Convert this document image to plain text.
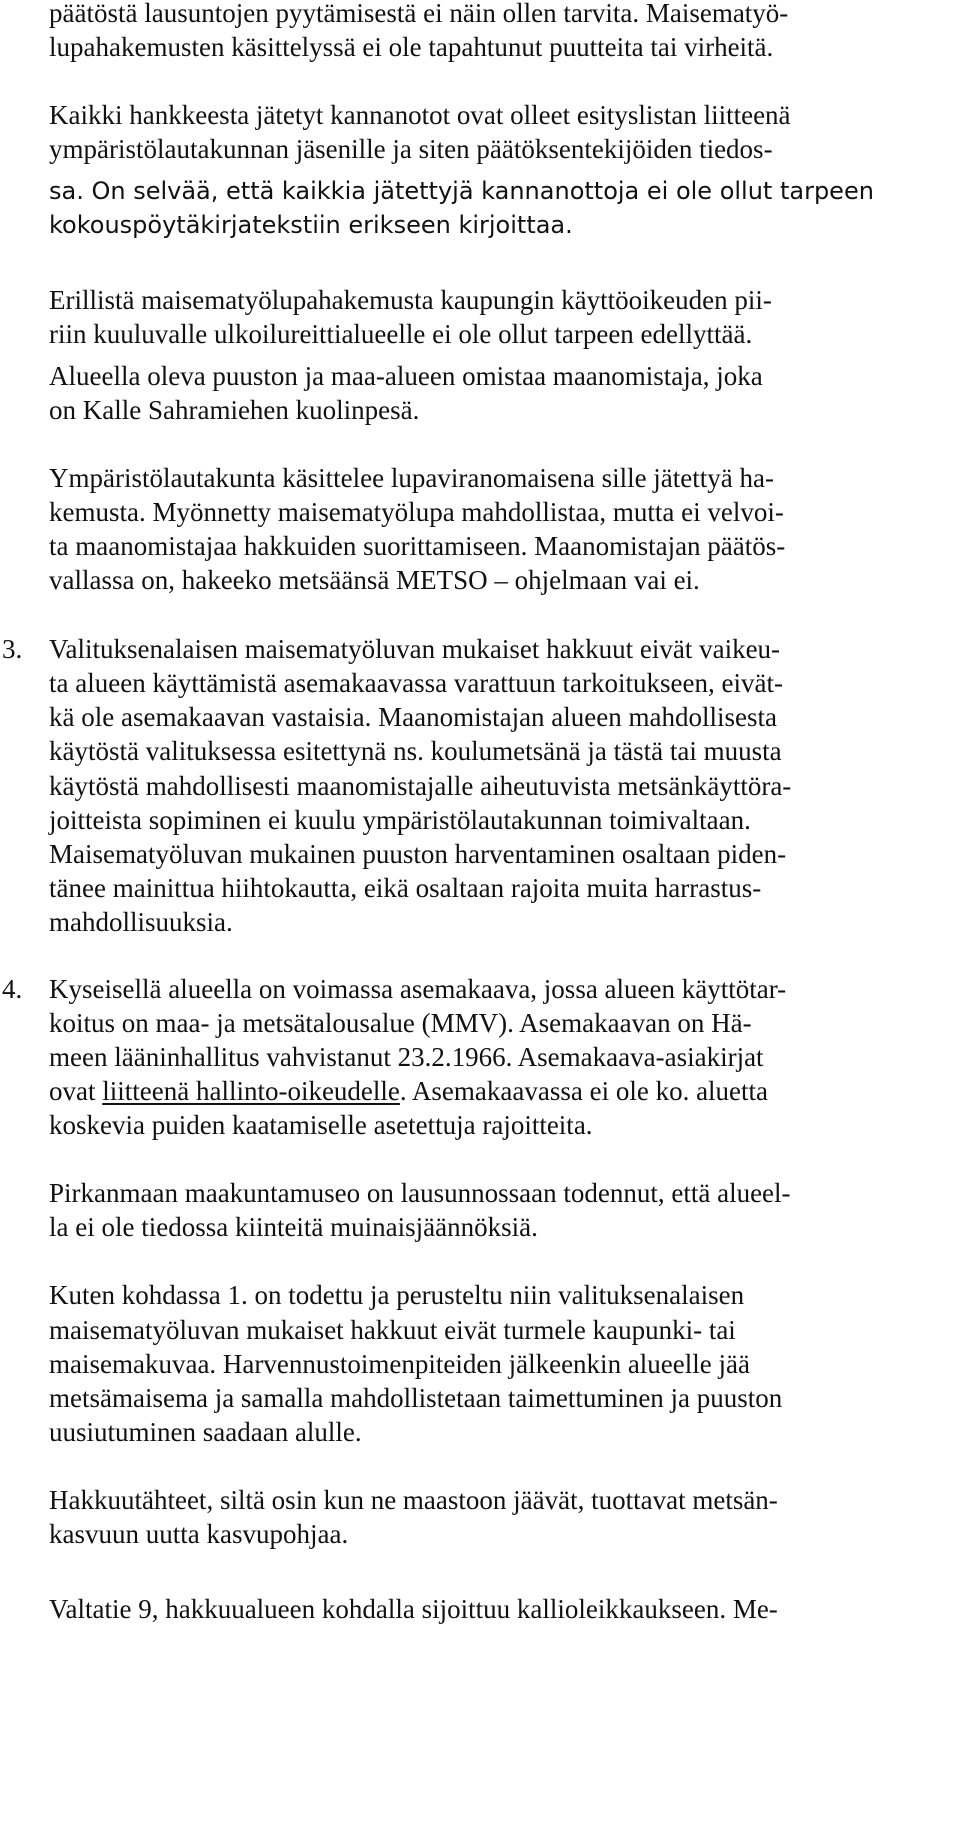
päätöstä lausuntojen pyytämisestä ei näin ollen tarvita. Maisematyö-
lupahakemusten käsittelyssä ei ole tapahtunut puutteita tai virheitä.
Kaikki hankkeesta jätetyt kannanotot ovat olleet esityslistan liitteenä
ympäristölautakunnan jäsenille ja siten päätöksentekijöiden tiedos-
sa. On selvää, että kaikkia jätettyjä kannanottoja ei ole ollut tarpeen
kokouspöytäkirjatekstiin erikseen kirjoittaa.
Erillistä maisematyölupahakemusta kaupungin käyttöoikeuden pii-
riin kuuluvalle ulkoilureittialueelle ei ole ollut tarpeen edellyttää.
Alueella oleva puuston ja maa-alueen omistaa maanomistaja, joka
on Kalle Sahramiehen kuolinpesä.
Ympäristölautakunta käsittelee lupaviranomaisena sille jätettyä ha-
kemusta. Myönnetty maisematyölupa mahdollistaa, mutta ei velvoi-
ta maanomistajaa hakkuiden suorittamiseen. Maanomistajan päätös-
vallassa on, hakeeko metsäänsä METSO – ohjelmaan vai ei.
3. Valituksenalaisen maisematyöluvan mukaiset hakkuut eivät vaikeu-
ta alueen käyttämistä asemakaavassa varattuun tarkoitukseen, eivät-
kä ole asemakaavan vastaisia. Maanomistajan alueen mahdollisesta
käytöstä valituksessa esitettynä ns. koulumetsänä ja tästä tai muusta
käytöstä mahdollisesti maanomistajalle aiheutuvista metsänkäyttöra-
joitteista sopiminen ei kuulu ympäristölautakunnan toimivaltaan.
Maisematyöluvan mukainen puuston harventaminen osaltaan piden-
tänee mainittua hiihtokautta, eikä osaltaan rajoita muita harrastus-
mahdollisuuksia.
4. Kyseisellä alueella on voimassa asemakaava, jossa alueen käyttötar-
koitus on maa- ja metsätalousalue (MMV). Asemakaavan on Hä-
meen lääninhallitus vahvistanut 23.2.1966. Asemakaava-asiakirjat
ovat liitteenä hallinto-oikeudelle. Asemakaavassa ei ole ko. aluetta
koskevia puiden kaatamiselle asetettuja rajoitteita.
Pirkanmaan maakuntamuseo on lausunnossaan todennut, että alueel-
la ei ole tiedossa kiinteitä muinaisjäännöksiä.
Kuten kohdassa 1. on todettu ja perusteltu niin valituksenalaisen
maisematyöluvan mukaiset hakkuut eivät turmele kaupunki- tai
maisemakuvaa. Harvennustoimenpiteiden jälkeenkin alueelle jää
metsämaisema ja samalla mahdollistetaan taimettuminen ja puuston
uusiutuminen saadaan alulle.
Hakkuutähteet, siltä osin kun ne maastoon jäävät, tuottavat metsän-
kasvuun uutta kasvupohjaa.
Valtatie 9, hakkuualueen kohdalla sijoittuu kallioleikkaukseen. Me-
